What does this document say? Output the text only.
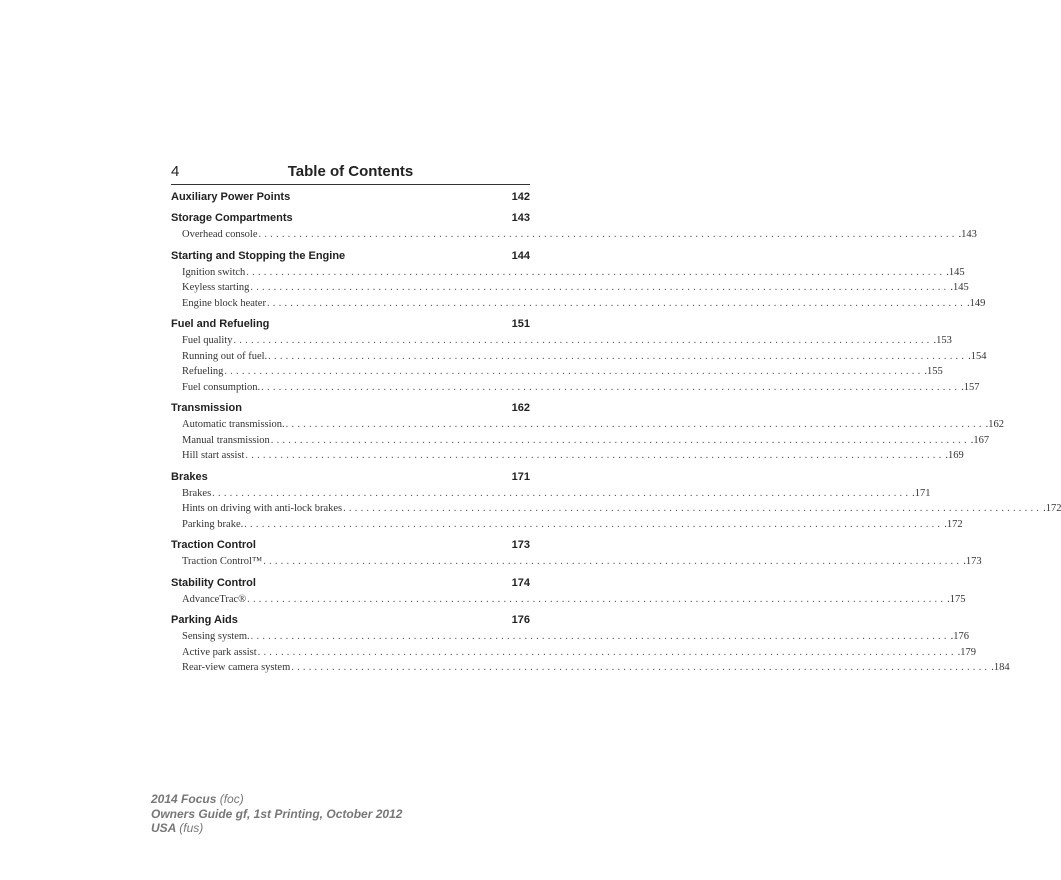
4	Table of Contents
Auxiliary Power Points	142
Storage Compartments	143
Overhead console ........................................................................................................................ .143
Starting and Stopping the Engine	144
Ignition switch ........................................................................................................................ .145
Keyless starting ........................................................................................................................ .145
Engine block heater ........................................................................................................................ .149
Fuel and Refueling	151
Fuel quality ........................................................................................................................ .153
Running out of fuel. ........................................................................................................................ .154
Refueling ........................................................................................................................ .155
Fuel consumption. ........................................................................................................................ .157
Transmission	162
Automatic transmission. ........................................................................................................................ .162
Manual transmission ........................................................................................................................ .167
Hill start assist ........................................................................................................................ .169
Brakes	171
Brakes ........................................................................................................................ .171
Hints on driving with anti-lock brakes ........................................................................................................................ .172
Parking brake. ........................................................................................................................ .172
Traction Control	173
Traction Control™ ........................................................................................................................ .173
Stability Control	174
AdvanceTrac® ........................................................................................................................ .175
Parking Aids	176
Sensing system. ........................................................................................................................ .176
Active park assist ........................................................................................................................ .179
Rear-view camera system ........................................................................................................................ .184
2014 Focus (foc)
Owners Guide gf, 1st Printing, October 2012
USA (fus)
